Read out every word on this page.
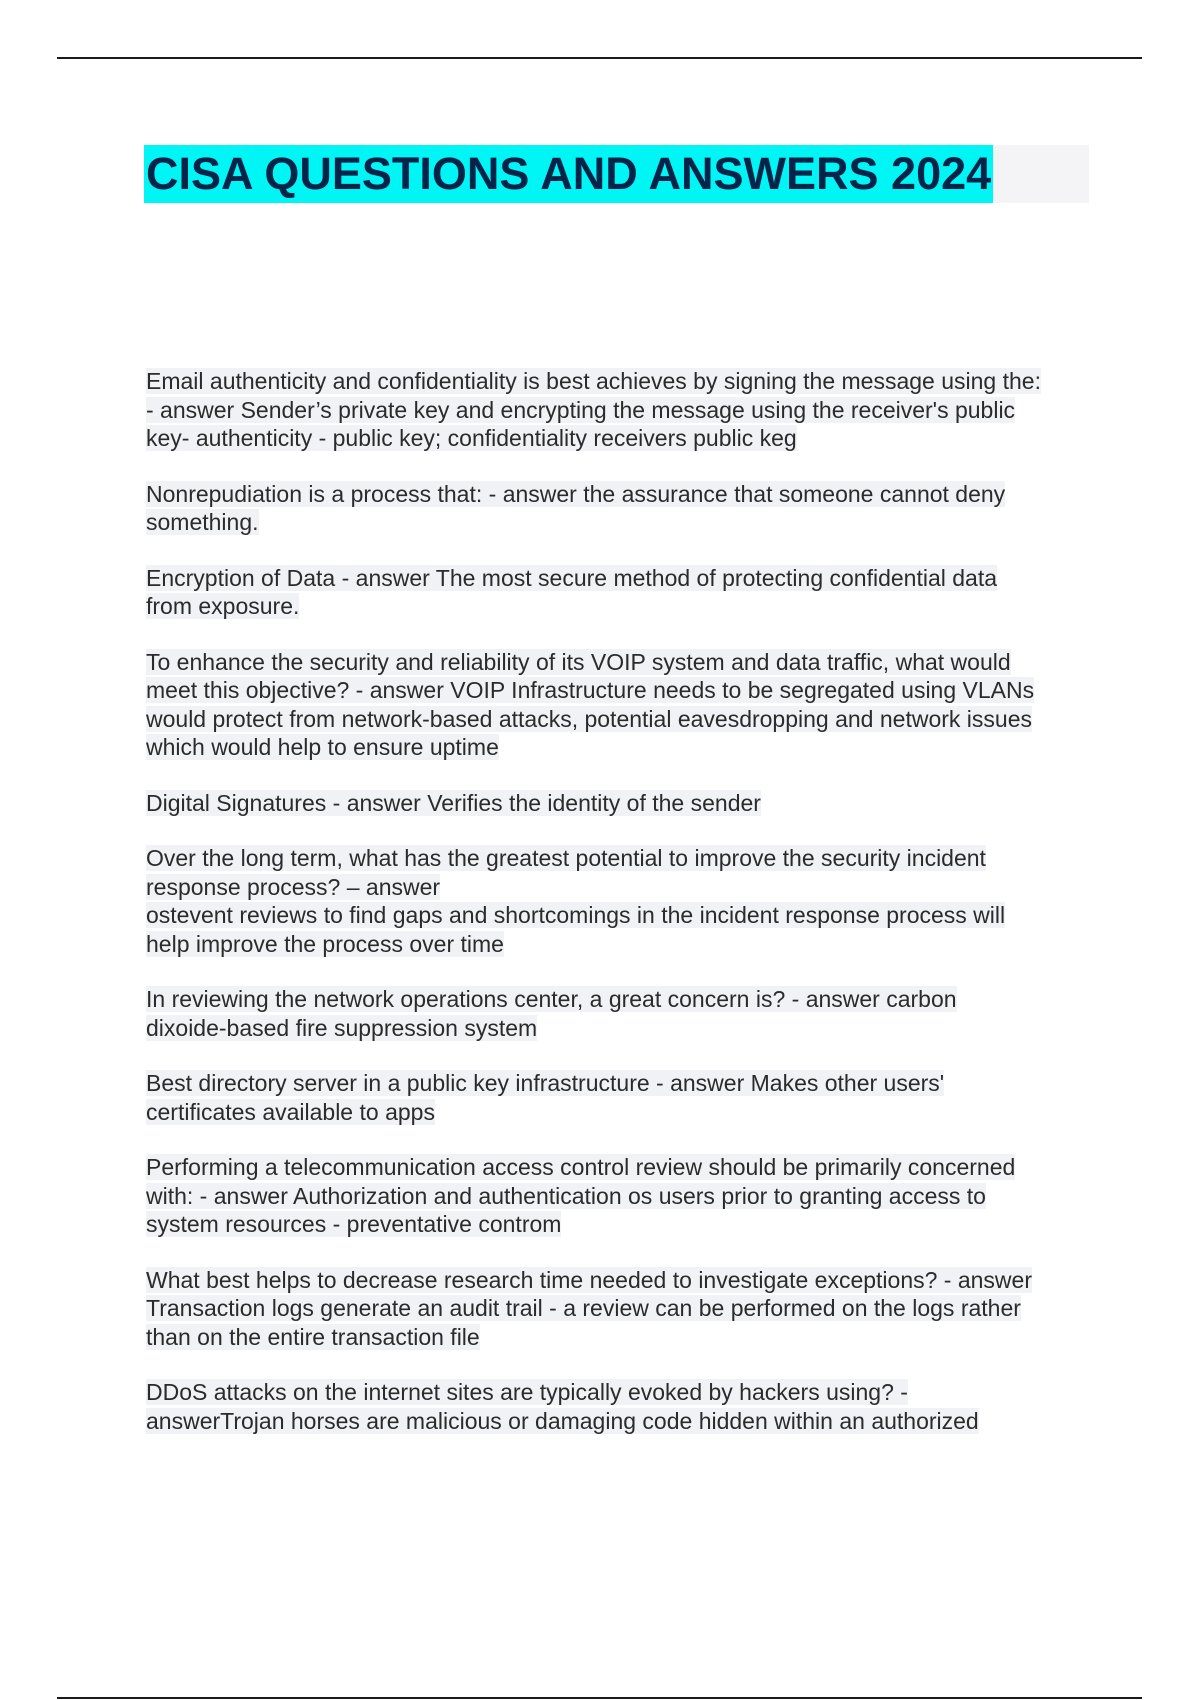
CISA QUESTIONS AND ANSWERS 2024
Email authenticity and confidentiality is best achieves by signing the message using the:
- answer Sender’s private key and encrypting the message using the receiver's public
key- authenticity - public key; confidentiality receivers public keg
Nonrepudiation is a process that: - answer the assurance that someone cannot deny
something.
Encryption of Data - answer The most secure method of protecting confidential data
from exposure.
To enhance the security and reliability of its VOIP system and data traffic, what would
meet this objective? - answer VOIP Infrastructure needs to be segregated using VLANs
would protect from network-based attacks, potential eavesdropping and network issues
which would help to ensure uptime
Digital Signatures - answer Verifies the identity of the sender
Over the long term, what has the greatest potential to improve the security incident
response process? – answer
ostevent reviews to find gaps and shortcomings in the incident response process will
help improve the process over time
In reviewing the network operations center, a great concern is? - answer carbon
dixoide-based fire suppression system
Best directory server in a public key infrastructure - answer Makes other users'
certificates available to apps
Performing a telecommunication access control review should be primarily concerned
with: - answer Authorization and authentication os users prior to granting access to
system resources - preventative controm
What best helps to decrease research time needed to investigate exceptions? - answer
Transaction logs generate an audit trail - a review can be performed on the logs rather
than on the entire transaction file
DDoS attacks on the internet sites are typically evoked by hackers using? -
answerTrojan horses are malicious or damaging code hidden within an authorized
